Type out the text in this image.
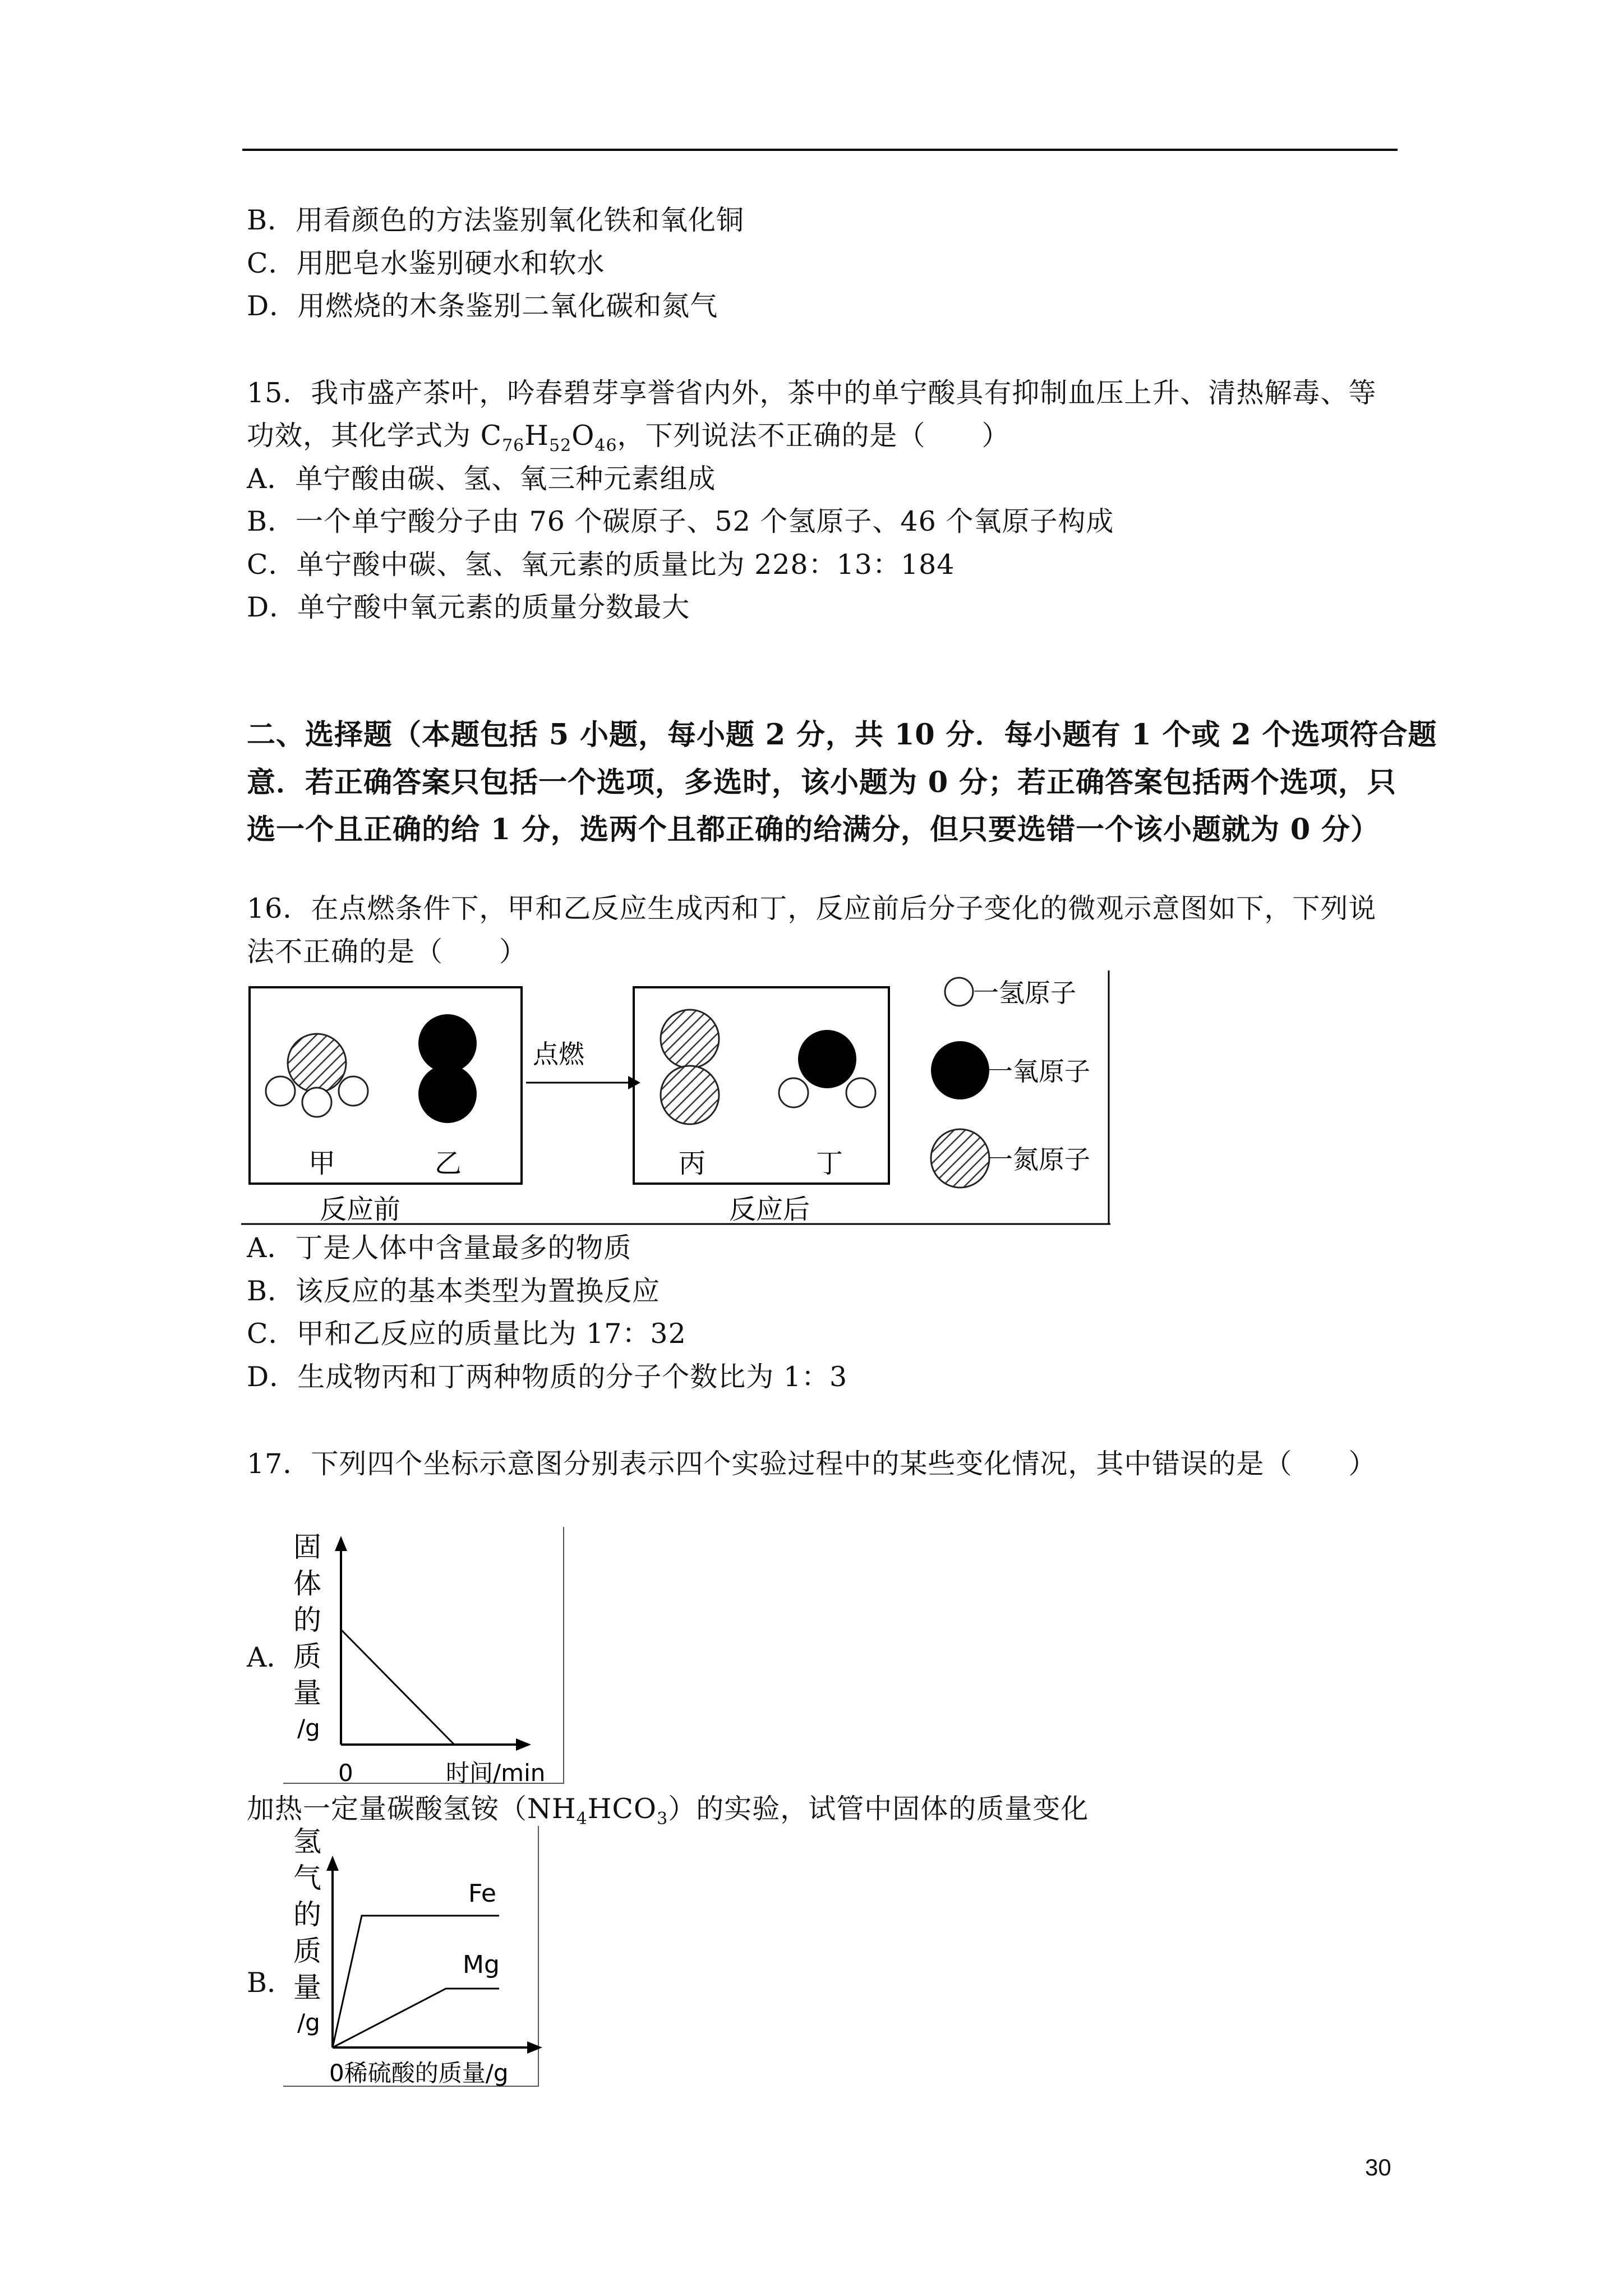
B．用看颜色的方法鉴别氧化铁和氧化铜
C．用肥皂水鉴别硬水和软水
D．用燃烧的木条鉴别二氧化碳和氮气
15．我市盛产茶叶，吟春碧芽享誉省内外，茶中的单宁酸具有抑制血压上升、清热解毒、等
功效，其化学式为 $C_{76}H_{52}O_{46}$，下列说法不正确的是（　　）
A．单宁酸由碳、氢、氧三种元素组成
B．一个单宁酸分子由 76 个碳原子、52 个氢原子、46 个氧原子构成
C．单宁酸中碳、氢、氧元素的质量比为 228：13：184
D．单宁酸中氧元素的质量分数最大
二、选择题（本题包括 5 小题，每小题 2 分，共 10 分．每小题有 1 个或 2 个选项符合题
意．若正确答案只包括一个选项，多选时，该小题为 0 分；若正确答案包括两个选项，只
选一个且正确的给 1 分，选两个且都正确的给满分，但只要选错一个该小题就为 0 分）
16．在点燃条件下，甲和乙反应生成丙和丁，反应前后分子变化的微观示意图如下，下列说
法不正确的是（　　）
甲	乙
反应前
点燃
丙	丁
反应后
一氢原子
一氧原子
一氮原子
A．丁是人体中含量最多的物质
B．该反应的基本类型为置换反应
C．甲和乙反应的质量比为 17：32
D．生成物丙和丁两种物质的分子个数比为 1：3
17．下列四个坐标示意图分别表示四个实验过程中的某些变化情况，其中错误的是（　　）
A．
固
体
的
质
量
/g
0	时间/min
加热一定量碳酸氢铵$(NH_4HCO_3)$的实验，试管中固体的质量变化
B．
氢
气
的
质
量
/g
Fe
Mg
0稀硫酸的质量/g
30
